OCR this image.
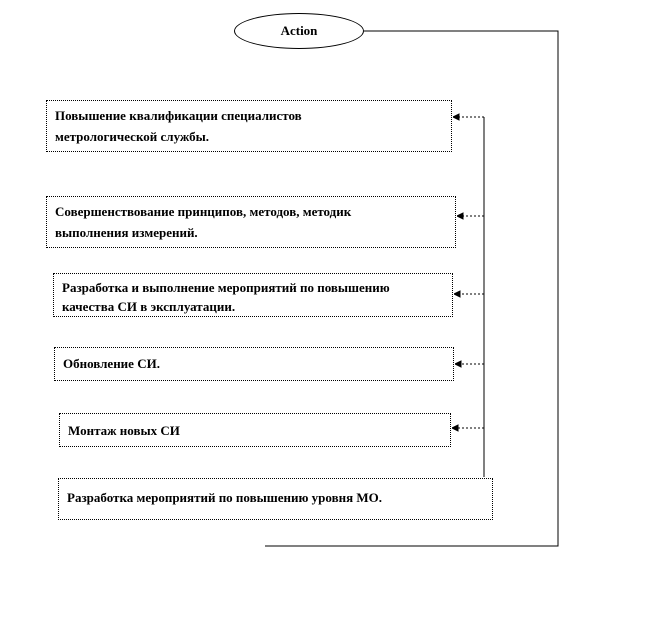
Action
Повышение квалификации специалистов
метрологической службы.
Совершенствование принципов, методов, методик
выполнения измерений.
Разработка и выполнение мероприятий по повышению
качества СИ в эксплуатации.
Обновление СИ.
Монтаж новых СИ
Разработка мероприятий по повышению уровня МО.
